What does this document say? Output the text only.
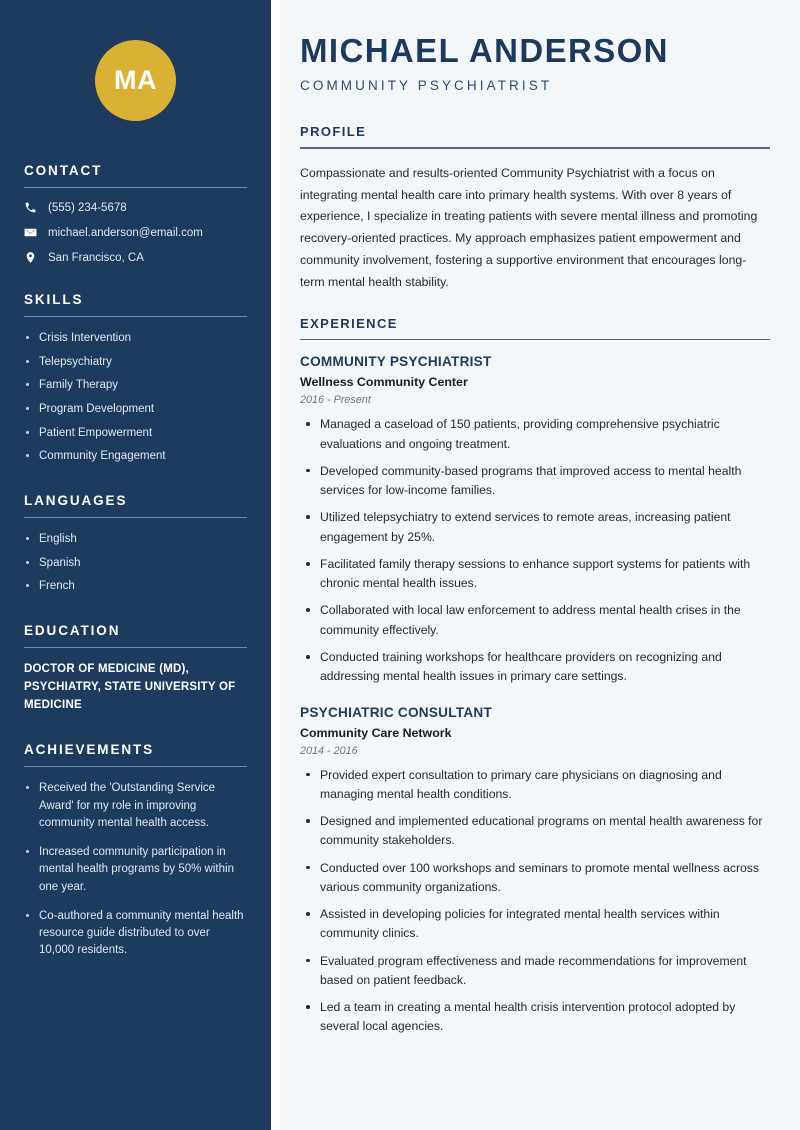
MA
CONTACT
(555) 234-5678
michael.anderson@email.com
San Francisco, CA
SKILLS
Crisis Intervention
Telepsychiatry
Family Therapy
Program Development
Patient Empowerment
Community Engagement
LANGUAGES
English
Spanish
French
EDUCATION
DOCTOR OF MEDICINE (MD), PSYCHIATRY, STATE UNIVERSITY OF MEDICINE
ACHIEVEMENTS
Received the 'Outstanding Service Award' for my role in improving community mental health access.
Increased community participation in mental health programs by 50% within one year.
Co-authored a community mental health resource guide distributed to over 10,000 residents.
MICHAEL ANDERSON
COMMUNITY PSYCHIATRIST
PROFILE

Compassionate and results-oriented Community Psychiatrist with a focus on integrating mental health care into primary health systems. With over 8 years of experience, I specialize in treating patients with severe mental illness and promoting recovery-oriented practices. My approach emphasizes patient empowerment and community involvement, fostering a supportive environment that encourages long-term mental health stability.

EXPERIENCE
COMMUNITY PSYCHIATRIST
Wellness Community Center
2016 - Present
Managed a caseload of 150 patients, providing comprehensive psychiatric evaluations and ongoing treatment.
Developed community-based programs that improved access to mental health services for low-income families.
Utilized telepsychiatry to extend services to remote areas, increasing patient engagement by 25%.
Facilitated family therapy sessions to enhance support systems for patients with chronic mental health issues.
Collaborated with local law enforcement to address mental health crises in the community effectively.
Conducted training workshops for healthcare providers on recognizing and addressing mental health issues in primary care settings.
PSYCHIATRIC CONSULTANT
Community Care Network
2014 - 2016
Provided expert consultation to primary care physicians on diagnosing and managing mental health conditions.
Designed and implemented educational programs on mental health awareness for community stakeholders.
Conducted over 100 workshops and seminars to promote mental wellness across various community organizations.
Assisted in developing policies for integrated mental health services within community clinics.
Evaluated program effectiveness and made recommendations for improvement based on patient feedback.
Led a team in creating a mental health crisis intervention protocol adopted by several local agencies.
